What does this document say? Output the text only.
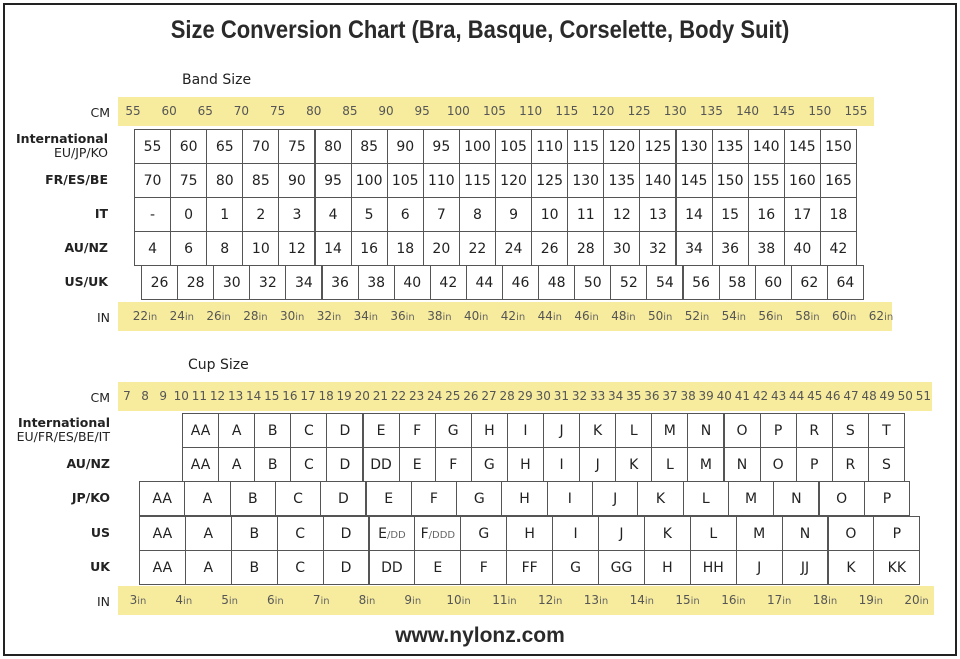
Size Conversion Chart (Bra, Basque, Corselette, Body Suit)
Band Size
CM	55	60	65	70	75	80	85	90	95	100	105	110	115	120	125	130	135	140	145	150	155
International
EU/JP/KO	55	60	65	70	75	80	85	90	95 100 105 110 115 120 125 130 135 140 145 150
FR/ES/BE	70	75	80	85	90	95 100 105 110 115 120 125 130 135 140 145 150 155 160 165
IT	-	0	1	2	3	4	5	6	7	8	9	10	11	12	13	14	15	16	17	18
AU/NZ	4	6	8	10	12	14	16	18	20	22	24	26	28	30	32	34	36	38	40	42
US/UK	26	28	30	32	34	36	38	40	42	44	46	48	50	52	54	56	58	60	62	64
IN	22in	24in	26in	28in	30in	32in	34in	36in	38in	40in	42in	44in	46in	48in	50in	52in	54in	56in	58in	60in	62in
Cup Size
CM	7 8 9 10 11 12 13 14 15 16 17 18 19 20 21 22 23 24 25 26 27 28 29 30 31 32 33 34 35 36 37 38 39 40 41 42 43 44 45 46 47 48 49 50 51
International
EU/FR/ES/BE/IT	AA	A	B	C	D	E	F	G	H	I	J	K	L	M	N	O	P	R	S	T
AU/NZ	AA	A	B	C	D	DD	E	F	G	H	I	J	K	L	M	N	O	P	R	S
JP/KO	AA	A	B	C	D	E	F	G	H	I	J	K	L	M	N	O	P
US	AA	A	B	C	D	E/DD	F/DDD	G	H	I	J	K	L	M	N	O	P
UK	AA	A	B	C	D	DD	E	F	FF	G	GG	H	HH	J	JJ	K	KK
IN	3in	4in	5in	6in	7in	8in	9in	10in	11in	12in	13in	14in	15in	16in	17in	18in	19in	20in
www.nylonz.com
